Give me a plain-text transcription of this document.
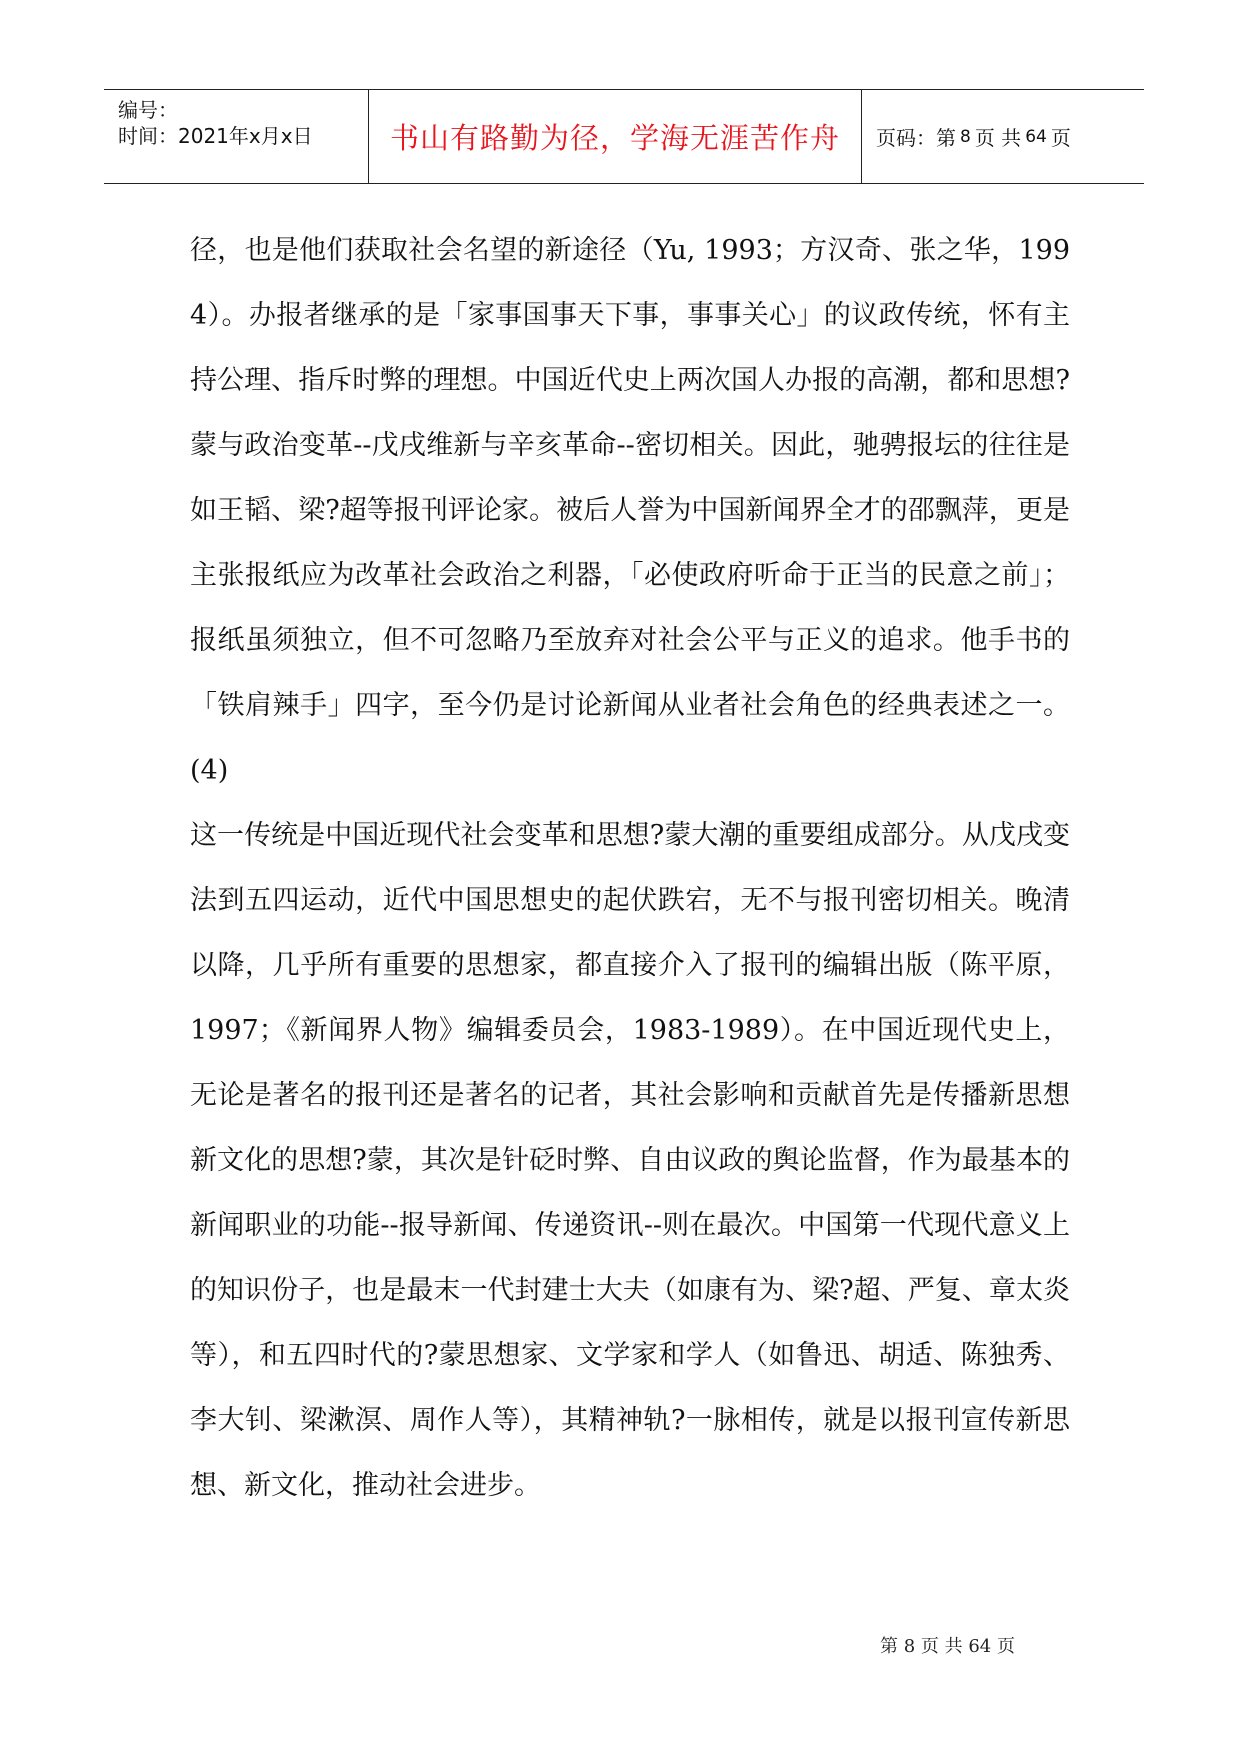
编号：
时间：2021年x月x日	书山有路勤为径，学海无涯苦作舟 页码：第 8 页 共 64 页

径，也是他们获取社会名望的新途径（Yu, 1993；方汉奇、张之华，1994）。办报者继承的是「家事国事天下事，事事关心」的议政传统，怀有主持公理、指斥时弊的理想。中国近代史上两次国人办报的高潮，都和思想?蒙与政治变革--戊戌维新与辛亥革命--密切相关。因此，驰骋报坛的往往是如王韬、梁?超等报刊评论家。被后人誉为中国新闻界全才的邵飘萍，更是主张报纸应为改革社会政治之利器，「必使政府听命于正当的民意之前」；报纸虽须独立，但不可忽略乃至放弃对社会公平与正义的追求。他手书的「铁肩辣手」四字，至今仍是讨论新闻从业者社会角色的经典表述之一。 (4)

这一传统是中国近现代社会变革和思想?蒙大潮的重要组成部分。从戊戌变法到五四运动，近代中国思想史的起伏跌宕，无不与报刊密切相关。晚清以降，几乎所有重要的思想家，都直接介入了报刊的编辑出版（陈平原，1997；《新闻界人物》编辑委员会，1983-1989）。在中国近现代史上，无论是著名的报刊还是著名的记者，其社会影响和贡献首先是传播新思想新文化的思想?蒙，其次是针砭时弊、自由议政的舆论监督，作为最基本的新闻职业的功能--报导新闻、传递资讯--则在最次。中国第一代现代意义上的知识份子，也是最末一代封建士大夫（如康有为、梁?超、严复、章太炎等），和五四时代的?蒙思想家、文学家和学人（如鲁迅、胡适、陈独秀、李大钊、梁漱溟、周作人等），其精神轨?一脉相传，就是以报刊宣传新思想、新文化，推动社会进步。

第 8 页 共 64 页
